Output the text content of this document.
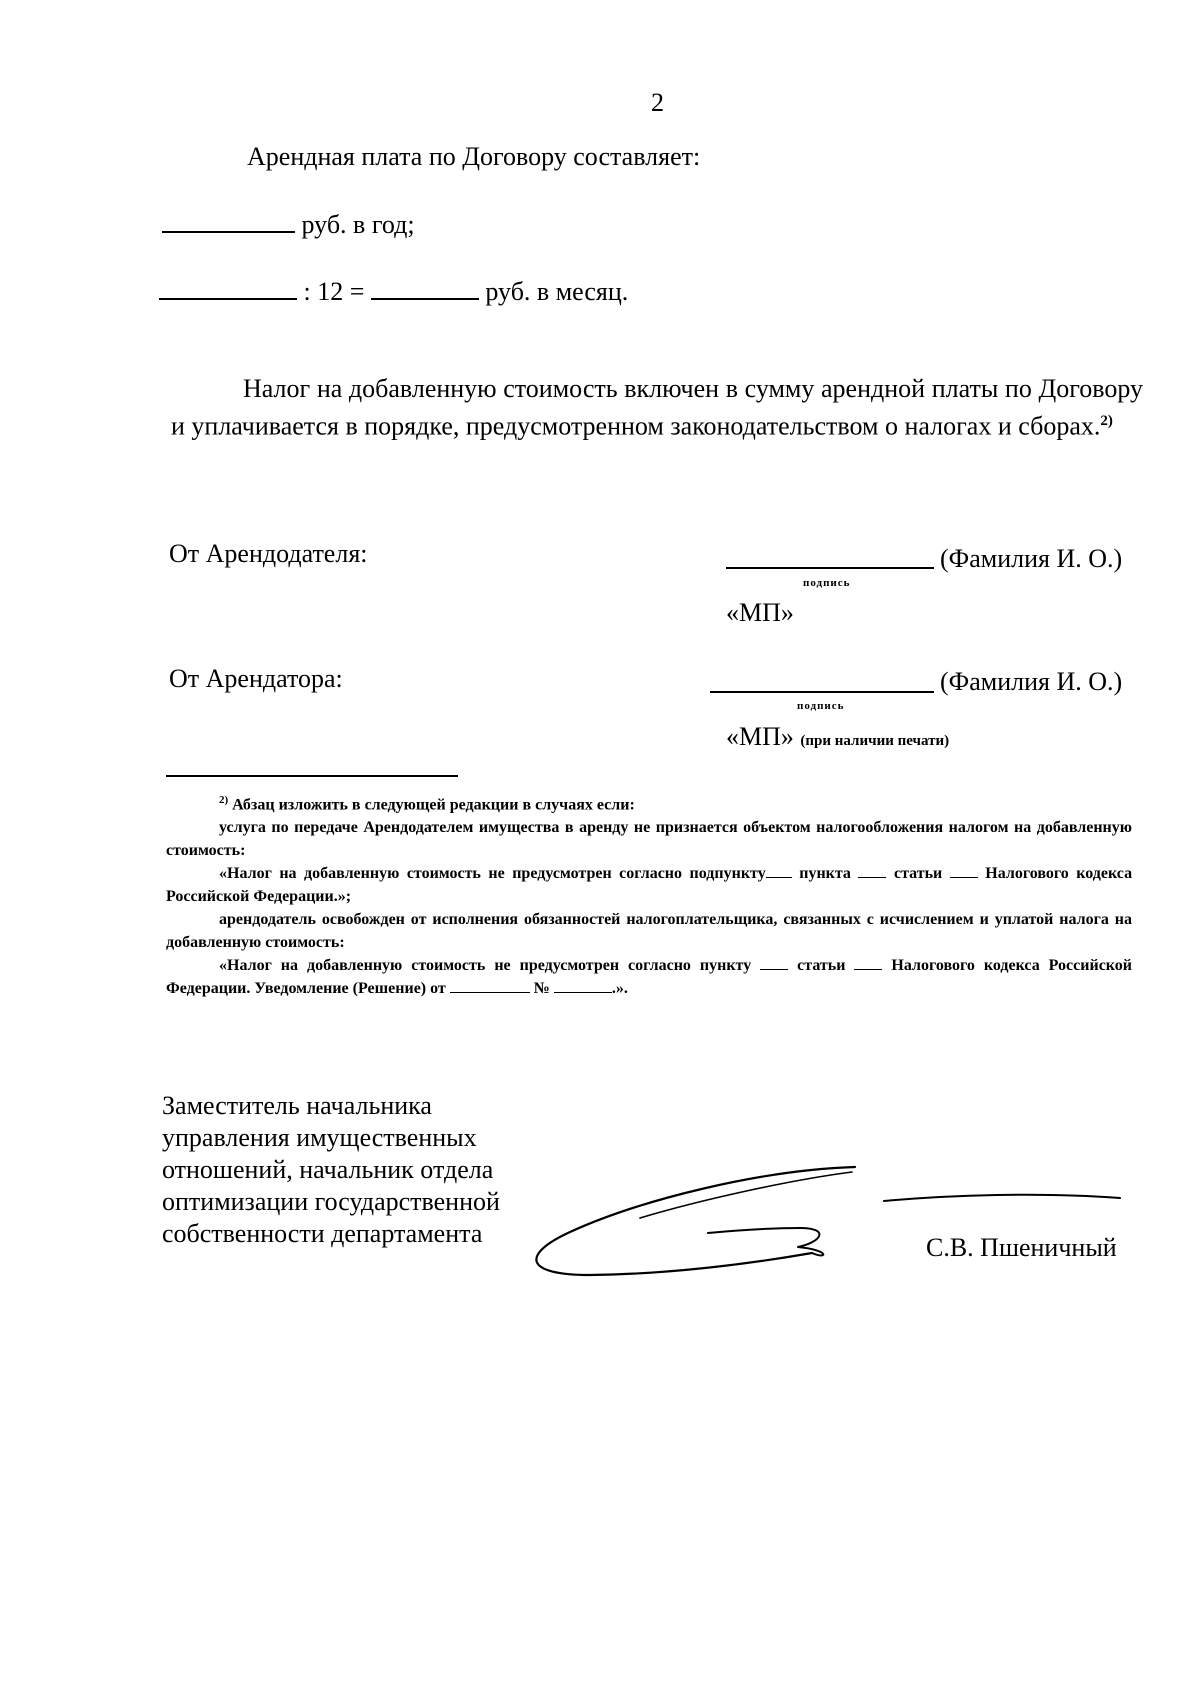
2
Арендная плата по Договору составляет:
руб. в год;
: 12 =	руб. в месяц.
Налог на добавленную стоимость включен в сумму арендной платы по Договору и уплачивается в порядке, предусмотренном законодательством о налогах и сборах.$^{2)}$
От Арендодателя:	(Фамилия И. О.)
подпись
«МП»
От Арендатора:	(Фамилия И. О.)
подпись
«МП» (при наличии печати)

$^{2)}$ Абзац изложить в следующей редакции в случаях если:

услуга по передаче Арендодателем имущества в аренду не признается объектом налогообложения налогом на добавленную стоимость:

«Налог на добавленную стоимость не предусмотрен согласно подпункту пункта	статьи	Налогового кодекса Российской Федерации.»;

арендодатель освобожден от исполнения обязанностей налогоплательщика, связанных с исчислением и уплатой налога на добавленную стоимость:

«Налог на добавленную стоимость не предусмотрен согласно пункту	статьи	Налогового кодекса Российской Федерации. Уведомление (Решение) от	№	.».

Заместитель начальника
управления имущественных
отношений, начальник отдела
оптимизации государственной
собственности департамента	С.В. Пшеничный
